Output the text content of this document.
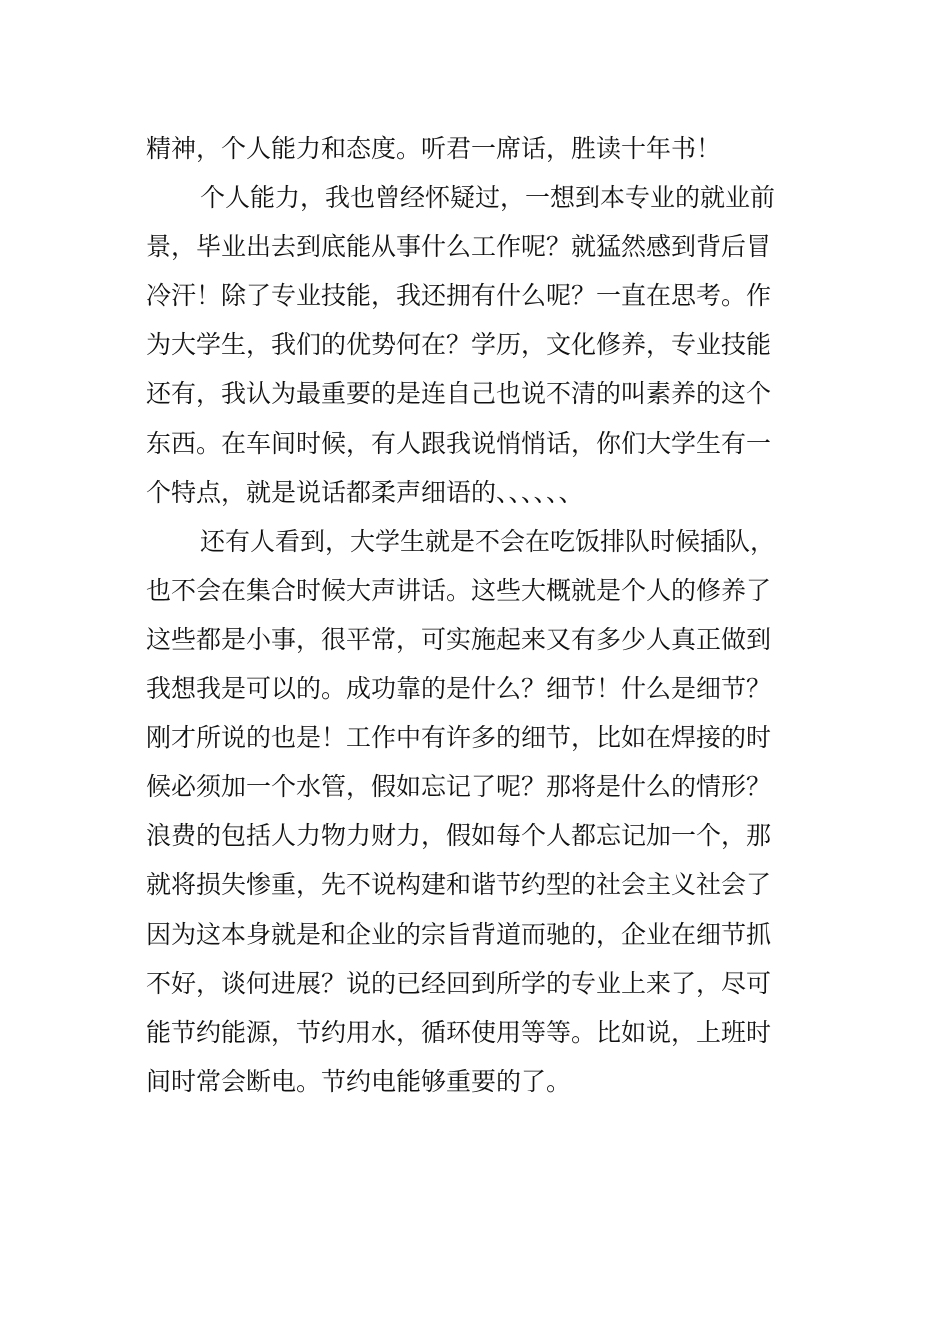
精神，个人能力和态度。听君一席话，胜读十年书！
个人能力，我也曾经怀疑过，一想到本专业的就业前
景，毕业出去到底能从事什么工作呢？就猛然感到背后冒
冷汗！除了专业技能，我还拥有什么呢？一直在思考。作
为大学生，我们的优势何在？学历，文化修养，专业技能
还有，我认为最重要的是连自己也说不清的叫素养的这个
东西。在车间时候，有人跟我说悄悄话，你们大学生有一
个特点，就是说话都柔声细语的、、、、、、
还有人看到，大学生就是不会在吃饭排队时候插队，
也不会在集合时候大声讲话。这些大概就是个人的修养了
这些都是小事，很平常，可实施起来又有多少人真正做到
我想我是可以的。成功靠的是什么？细节！什么是细节？
刚才所说的也是！工作中有许多的细节，比如在焊接的时
候必须加一个水管，假如忘记了呢？那将是什么的情形？
浪费的包括人力物力财力，假如每个人都忘记加一个，那
就将损失惨重，先不说构建和谐节约型的社会主义社会了
因为这本身就是和企业的宗旨背道而驰的，企业在细节抓
不好，谈何进展？说的已经回到所学的专业上来了，尽可
能节约能源，节约用水，循环使用等等。比如说，上班时
间时常会断电。节约电能够重要的了。
